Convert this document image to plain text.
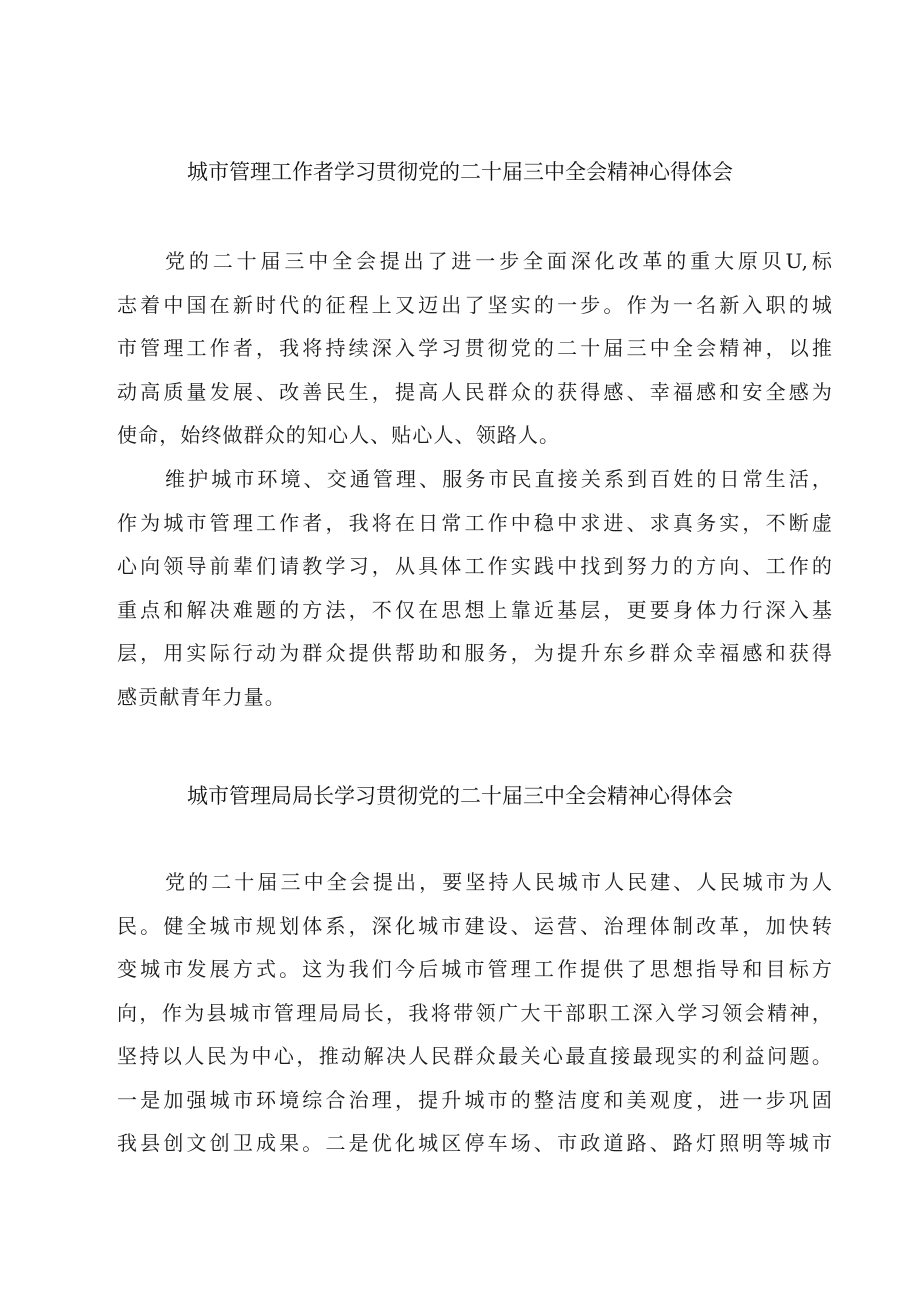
城市管理工作者学习贯彻党的二十届三中全会精神心得体会
党的二十届三中全会提出了进一步全面深化改革的重大原贝U,标
志着中国在新时代的征程上又迈出了坚实的一步。作为一名新入职的城
市管理工作者，我将持续深入学习贯彻党的二十届三中全会精神，以推
动高质量发展、改善民生，提高人民群众的获得感、幸福感和安全感为
使命，始终做群众的知心人、贴心人、领路人。
维护城市环境、交通管理、服务市民直接关系到百姓的日常生活，
作为城市管理工作者，我将在日常工作中稳中求进、求真务实，不断虚
心向领导前辈们请教学习，从具体工作实践中找到努力的方向、工作的
重点和解决难题的方法，不仅在思想上靠近基层，更要身体力行深入基
层，用实际行动为群众提供帮助和服务，为提升东乡群众幸福感和获得
感贡献青年力量。
城市管理局局长学习贯彻党的二十届三中全会精神心得体会
党的二十届三中全会提出，要坚持人民城市人民建、人民城市为人
民。健全城市规划体系，深化城市建设、运营、治理体制改革，加快转
变城市发展方式。这为我们今后城市管理工作提供了思想指导和目标方
向，作为县城市管理局局长，我将带领广大干部职工深入学习领会精神，
坚持以人民为中心，推动解决人民群众最关心最直接最现实的利益问题。
一是加强城市环境综合治理，提升城市的整洁度和美观度，进一步巩固
我县创文创卫成果。二是优化城区停车场、市政道路、路灯照明等城市
